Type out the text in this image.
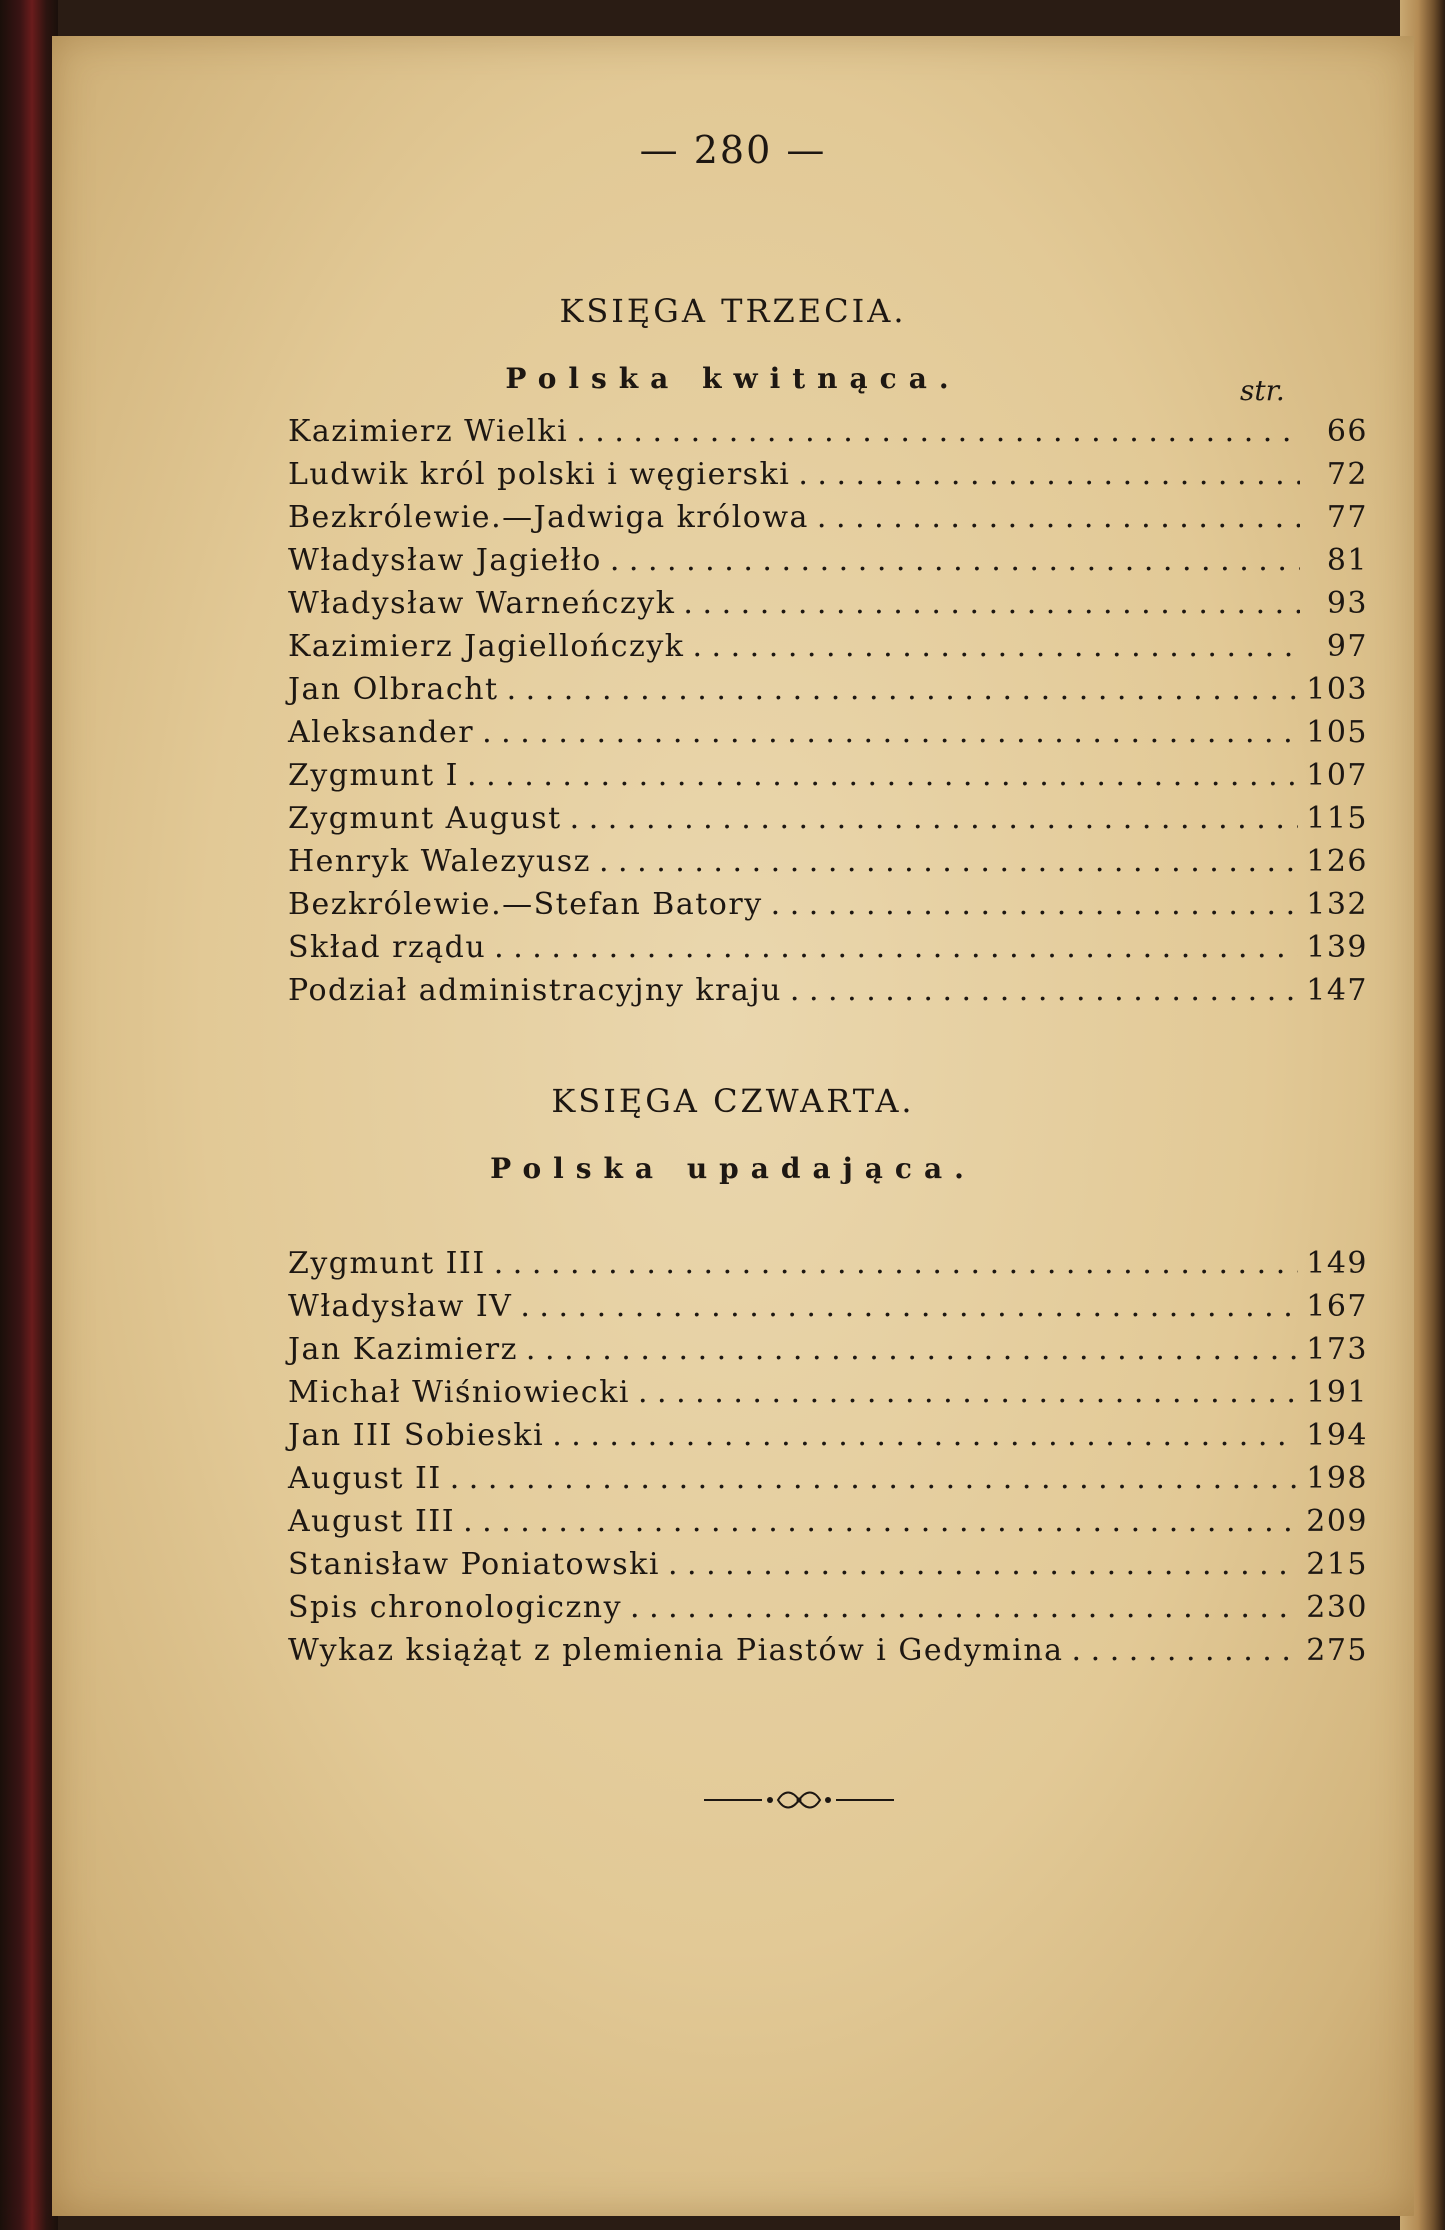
— 280 —
KSIĘGA TRZECIA.
Polska kwitnąca.	str.
Kazimierz Wielki . . .	66
Ludwik król polski i węgierski . . .	72
Bezkrólewie.—Jadwiga królowa . . .	77
Władysław Jagiełło . . .	81
Władysław Warneńczyk . . .	93
Kazimierz Jagiellończyk . . .	97
Jan Olbracht . . .	103
Aleksander . . .	105
Zygmunt I . . .	107
Zygmunt August . . .	115
Henryk Walezyusz . . .	126
Bezkrólewie.—Stefan Batory . . .	132
Skład rządu . . .	139
Podział administracyjny kraju . . .	147
KSIĘGA CZWARTA.
Polska upadająca.
Zygmunt III . . .	149
Władysław IV . . .	167
Jan Kazimierz . . .	173
Michał Wiśniowiecki . . .	191
Jan III Sobieski . . .	194
August II . . .	198
August III . . .	209
Stanisław Poniatowski . . .	215
Spis chronologiczny . . .	230
Wykaz książąt z plemienia Piastów i Gedymina . . .	275
